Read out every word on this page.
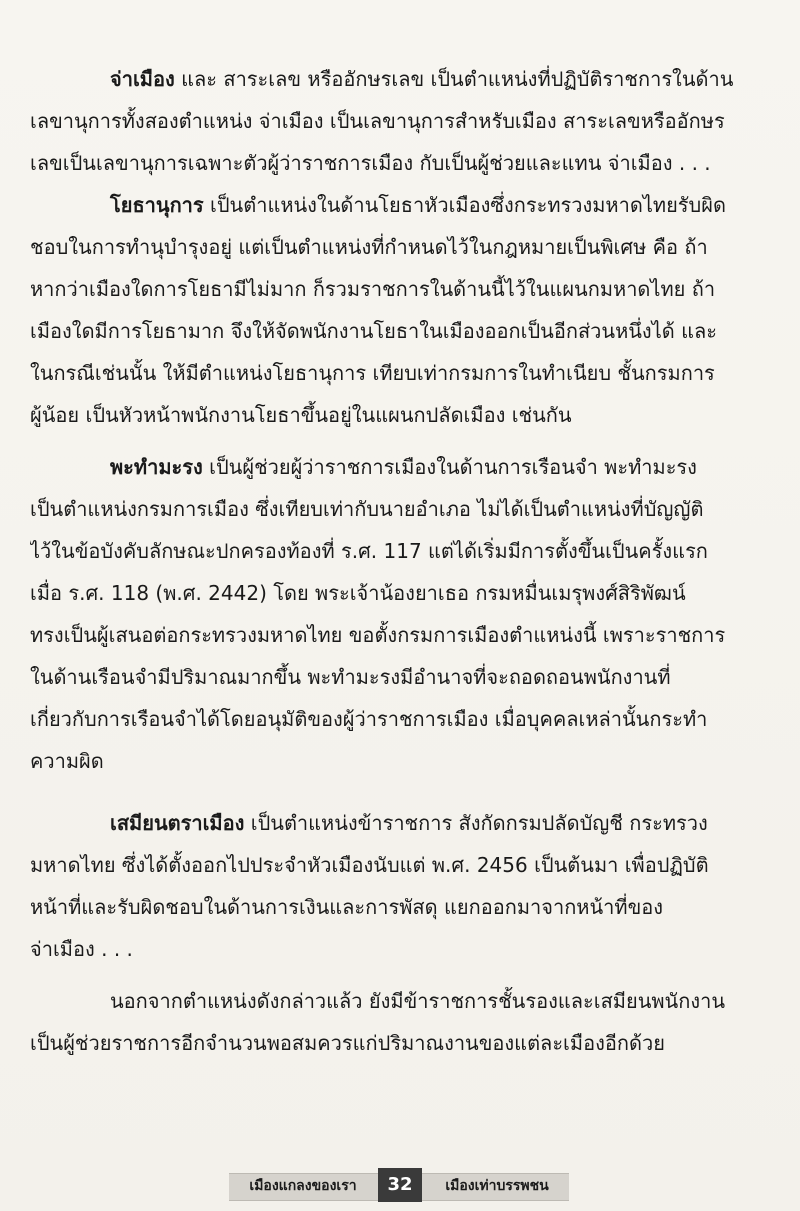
จ่าเมือง และ สาระเลข หรืออักษรเลข เป็นตำแหน่งที่ปฏิบัติราชการในด้าน
เลขานุการทั้งสองตำแหน่ง จ่าเมือง เป็นเลขานุการสำหรับเมือง สาระเลขหรืออักษร
เลขเป็นเลขานุการเฉพาะตัวผู้ว่าราชการเมือง กับเป็นผู้ช่วยและแทน จ่าเมือง . . .

โยธานุการ เป็นตำแหน่งในด้านโยธาหัวเมืองซึ่งกระทรวงมหาดไทยรับผิด
ชอบในการทำนุบำรุงอยู่ แต่เป็นตำแหน่งที่กำหนดไว้ในกฎหมายเป็นพิเศษ คือ ถ้า
หากว่าเมืองใดการโยธามีไม่มาก ก็รวมราชการในด้านนี้ไว้ในแผนกมหาดไทย ถ้า
เมืองใดมีการโยธามาก จึงให้จัดพนักงานโยธาในเมืองออกเป็นอีกส่วนหนึ่งได้ และ
ในกรณีเช่นนั้น ให้มีตำแหน่งโยธานุการ เทียบเท่ากรมการในทำเนียบ ชั้นกรมการ
ผู้น้อย เป็นหัวหน้าพนักงานโยธาขึ้นอยู่ในแผนกปลัดเมือง เช่นกัน

พะทำมะรง เป็นผู้ช่วยผู้ว่าราชการเมืองในด้านการเรือนจำ พะทำมะรง
เป็นตำแหน่งกรมการเมือง ซึ่งเทียบเท่ากับนายอำเภอ ไม่ได้เป็นตำแหน่งที่บัญญัติ
ไว้ในข้อบังคับลักษณะปกครองท้องที่ ร.ศ. 117 แต่ได้เริ่มมีการตั้งขึ้นเป็นครั้งแรก
เมื่อ ร.ศ. 118 (พ.ศ. 2442) โดย พระเจ้าน้องยาเธอ กรมหมื่นเมรุพงศ์สิริพัฒน์
ทรงเป็นผู้เสนอต่อกระทรวงมหาดไทย ขอตั้งกรมการเมืองตำแหน่งนี้ เพราะราชการ
ในด้านเรือนจำมีปริมาณมากขึ้น พะทำมะรงมีอำนาจที่จะถอดถอนพนักงานที่
เกี่ยวกับการเรือนจำได้โดยอนุมัติของผู้ว่าราชการเมือง เมื่อบุคคลเหล่านั้นกระทำ
ความผิด

เสมียนตราเมือง เป็นตำแหน่งข้าราชการ สังกัดกรมปลัดบัญชี กระทรวง
มหาดไทย ซึ่งได้ตั้งออกไปประจำหัวเมืองนับแต่ พ.ศ. 2456 เป็นต้นมา เพื่อปฏิบัติ
หน้าที่และรับผิดชอบในด้านการเงินและการพัสดุ แยกออกมาจากหน้าที่ของ
จ่าเมือง . . .

นอกจากตำแหน่งดังกล่าวแล้ว ยังมีข้าราชการชั้นรองและเสมียนพนักงาน
เป็นผู้ช่วยราชการอีกจำนวนพอสมควรแก่ปริมาณงานของแต่ละเมืองอีกด้วย

เมืองแกลงของเรา	32	เมืองเท่าบรรพชน
